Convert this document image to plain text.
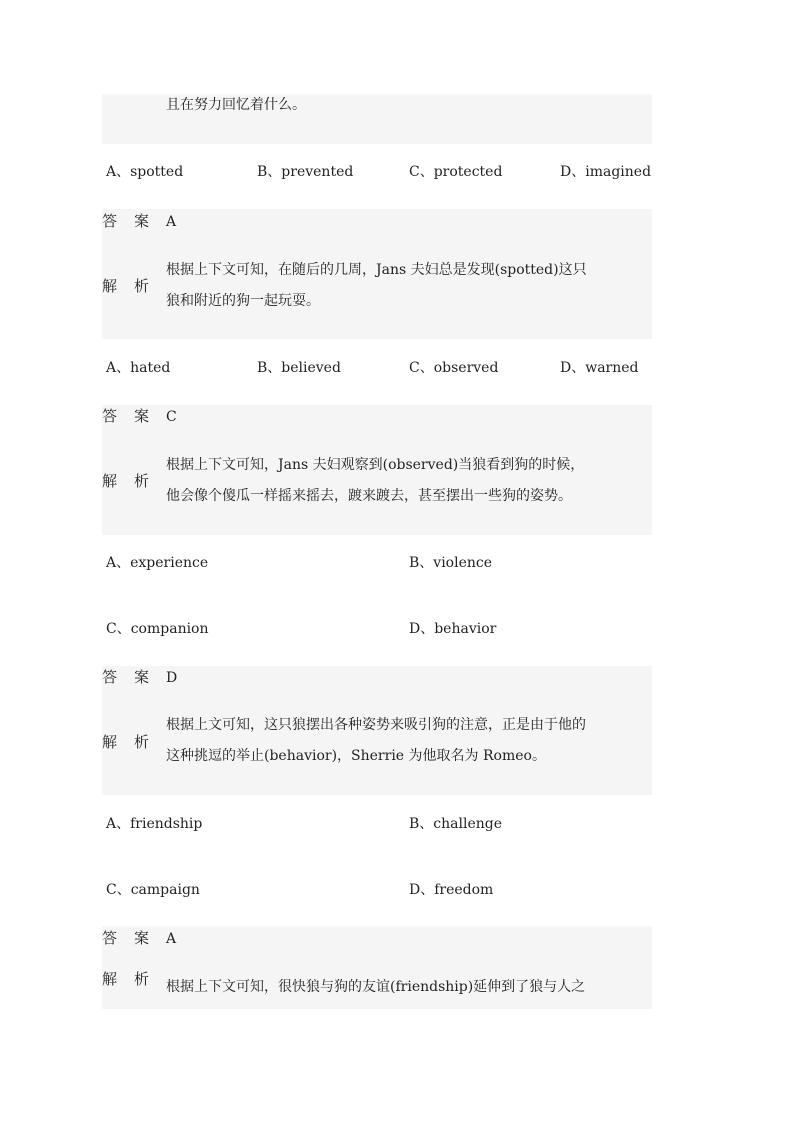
且在努力回忆着什么。
A、spotted	B、prevented	C、protected	D、imagined
答 案 A
解 析
根据上下文可知，在随后的几周，Jans 夫妇总是发现(spotted)这只
狼和附近的狗一起玩耍。
A、hated	B、believed	C、observed	D、warned
答 案 C
解 析
根据上下文可知，Jans 夫妇观察到(observed)当狼看到狗的时候，
他会像个傻瓜一样摇来摇去，踱来踱去，甚至摆出一些狗的姿势。
A、experience	B、violence
C、companion	D、behavior
答 案 D
解 析
根据上文可知，这只狼摆出各种姿势来吸引狗的注意，正是由于他的
这种挑逗的举止(behavior)，Sherrie 为他取名为 Romeo。
A、friendship	B、challenge
C、campaign	D、freedom
答 案 A
解 析 根据上下文可知，很快狼与狗的友谊(friendship)延伸到了狼与人之
